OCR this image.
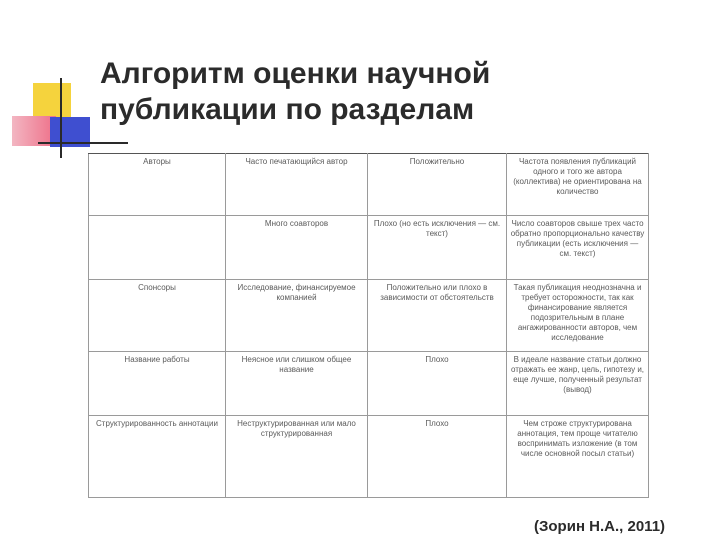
Алгоритм оценки научной
публикации по разделам
Авторы	Часто печатающийся автор	Положительно	Частота появления публикаций одного и того же автора (коллектива) не ориентирована на количество
	Много соавторов	Плохо (но есть исключения — см. текст)	Число соавторов свыше трех часто обратно пропорционально качеству публикации (есть исключения — см. текст)
Спонсоры	Исследование, финансируемое компанией	Положительно или плохо в зависимости от обстоятельств	Такая публикация неоднозначна и требует осторожности, так как финансирование является подозрительным в плане ангажированности авторов, чем исследование
Название работы	Неясное или слишком общее название	Плохо	В идеале название статьи должно отражать ее жанр, цель, гипотезу и, еще лучше, полученный результат (вывод)
Структурированность аннотации	Неструктурированная или мало структурированная	Плохо	Чем строже структурирована аннотация, тем проще читателю воспринимать изложение (в том числе основной посыл статьи)
(Зорин Н.А., 2011)
